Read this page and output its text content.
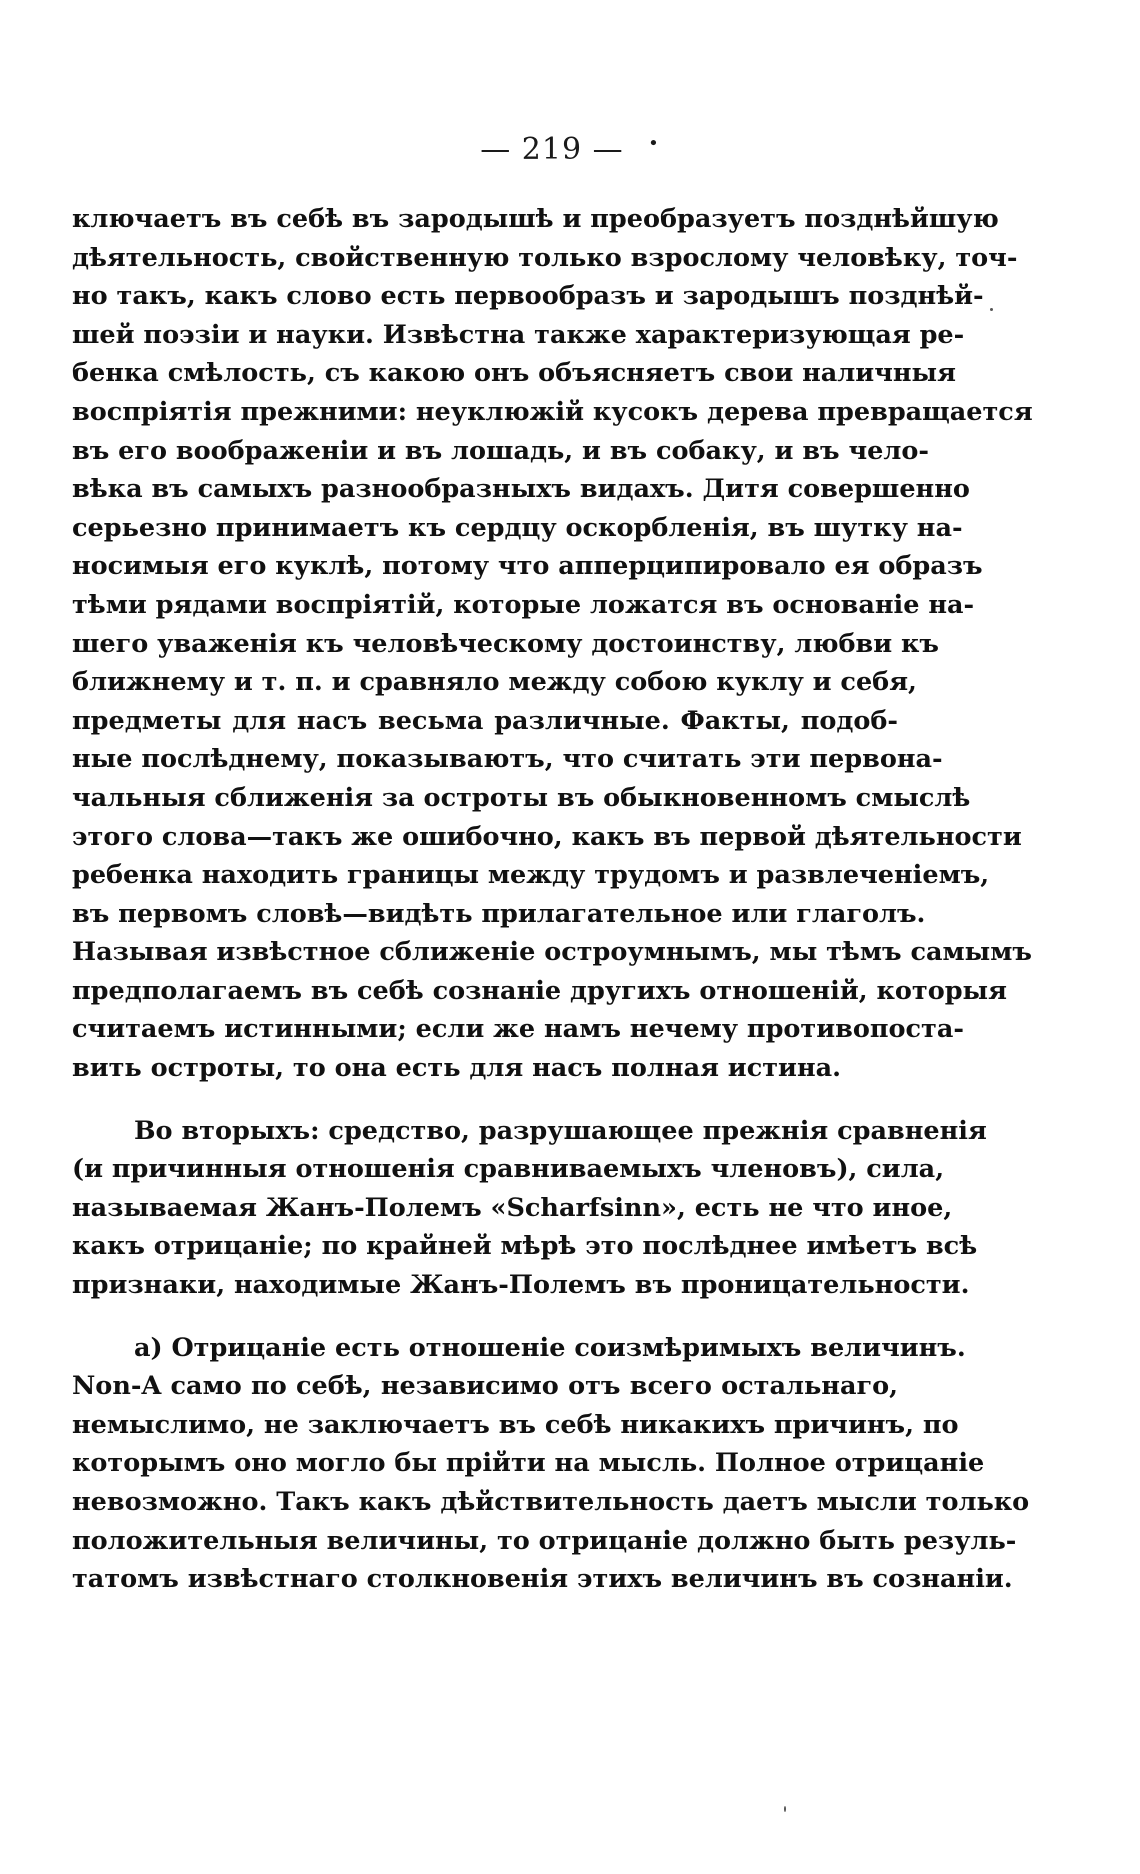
— 219 — •
ключаетъ въ себѣ въ зародышѣ и преобразуетъ позднѣйшую
дѣятельность, свойственную только взрослому человѣку, точ-
но такъ, какъ слово есть первообразъ и зародышъ позднѣй-
шей поэзіи и науки. Извѣстна также характеризующая ре-
бенка смѣлость, съ какою онъ объясняетъ свои наличныя
воспріятія прежними: неуклюжій кусокъ дерева превращается
въ его воображеніи и въ лошадь, и въ собаку, и въ чело-
вѣка въ самыхъ разнообразныхъ видахъ. Дитя совершенно
серьезно принимаетъ къ сердцу оскорбленія, въ шутку на-
носимыя его куклѣ, потому что апперципировало ея образъ
тѣми рядами воспріятій, которые ложатся въ основаніе на-
шего уваженія къ человѣческому достоинству, любви къ
ближнему и т. п. и сравняло между собою куклу и себя,
предметы для насъ весьма различные. Факты, подоб-
ные послѣднему, показываютъ, что считать эти первона-
чальныя сближенія за остроты въ обыкновенномъ смыслѣ
этого слова—такъ же ошибочно, какъ въ первой дѣятельности
ребенка находить границы между трудомъ и развлеченіемъ,
въ первомъ словѣ—видѣть прилагательное или глаголъ.
Называя извѣстное сближеніе остроумнымъ, мы тѣмъ самымъ
предполагаемъ въ себѣ сознаніе другихъ отношеній, которыя
считаемъ истинными; если же намъ нечему противопоста-
вить остроты, то она есть для насъ полная истина.
Во вторыхъ: средство, разрушающее прежнія сравненія
(и причинныя отношенія сравниваемыхъ членовъ), сила,
называемая Жанъ-Полемъ «Scharfsinn», есть не что иное,
какъ отрицаніе; по крайней мѣрѣ это послѣднее имѣетъ всѣ
признаки, находимые Жанъ-Полемъ въ проницательности.
а) Отрицаніе есть отношеніе соизмѣримыхъ величинъ.
Non-A само по себѣ, независимо отъ всего остальнаго,
немыслимо, не заключаетъ въ себѣ никакихъ причинъ, по
которымъ оно могло бы прійти на мысль. Полное отрицаніе
невозможно. Такъ какъ дѣйствительность даетъ мысли только
положительныя величины, то отрицаніе должно быть резуль-
татомъ извѣстнаго столкновенія этихъ величинъ въ сознаніи.
